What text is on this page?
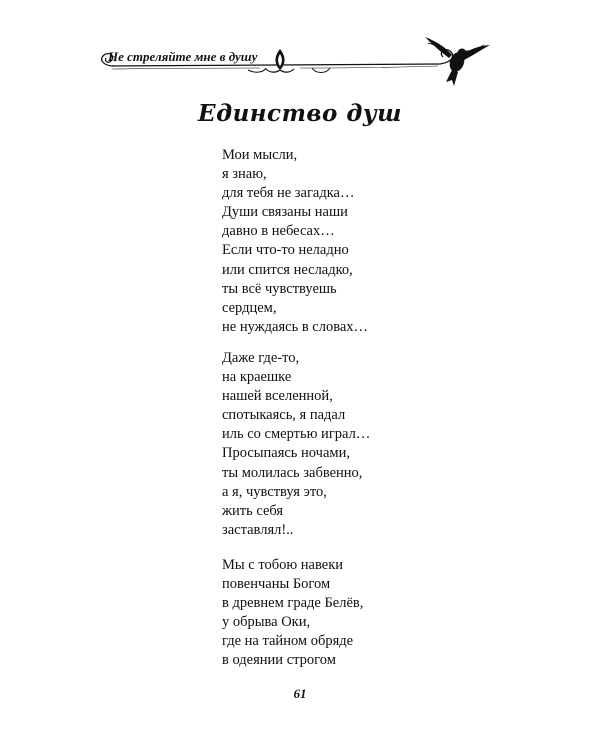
Не стреляйте мне в душу
Единство душ
Мои мысли,
я знаю,
для тебя не загадка…
Души связаны наши
давно в небесах…
Если что-то неладно
или спится несладко,
ты всё чувствуешь
сердцем,
не нуждаясь в словах…
Даже где-то,
на краешке
нашей вселенной,
спотыкаясь, я падал
иль со смертью играл…
Просыпаясь ночами,
ты молилась забвенно,
а я, чувствуя это,
жить себя
заставлял!..
Мы с тобою навеки
повенчаны Богом
в древнем граде Белёв,
у обрыва Оки,
где на тайном обряде
в одеянии строгом
61
